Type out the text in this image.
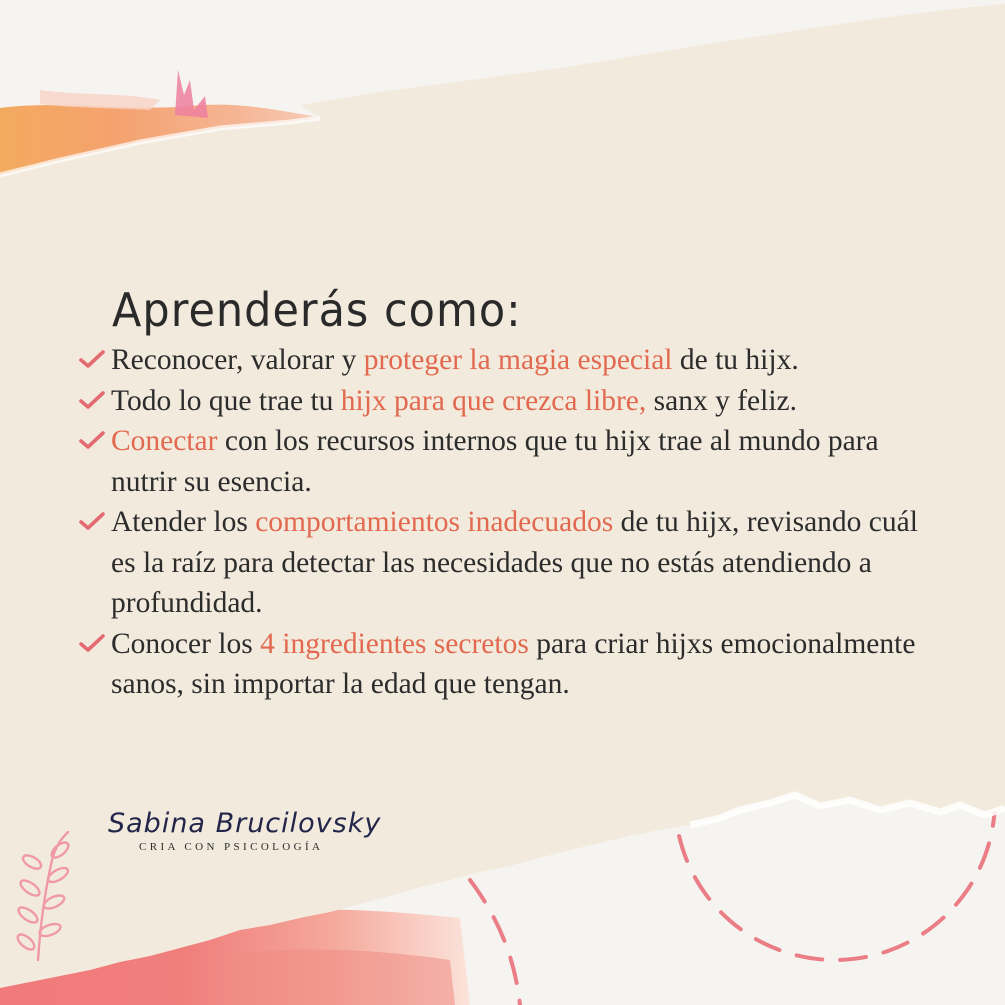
Aprenderás como:
Reconocer, valorar y proteger la magia especial de tu hijx.
Todo lo que trae tu hijx para que crezca libre, sanx y feliz.
Conectar con los recursos internos que tu hijx trae al mundo para nutrir su esencia.
Atender los comportamientos inadecuados de tu hijx, revisando cuál es la raíz para detectar las necesidades que no estás atendiendo a profundidad.
Conocer los 4 ingredientes secretos para criar hijxs emocionalmente sanos, sin importar la edad que tengan.
Sabina Brucilovsky
CRIA CON PSICOLOGÍA
